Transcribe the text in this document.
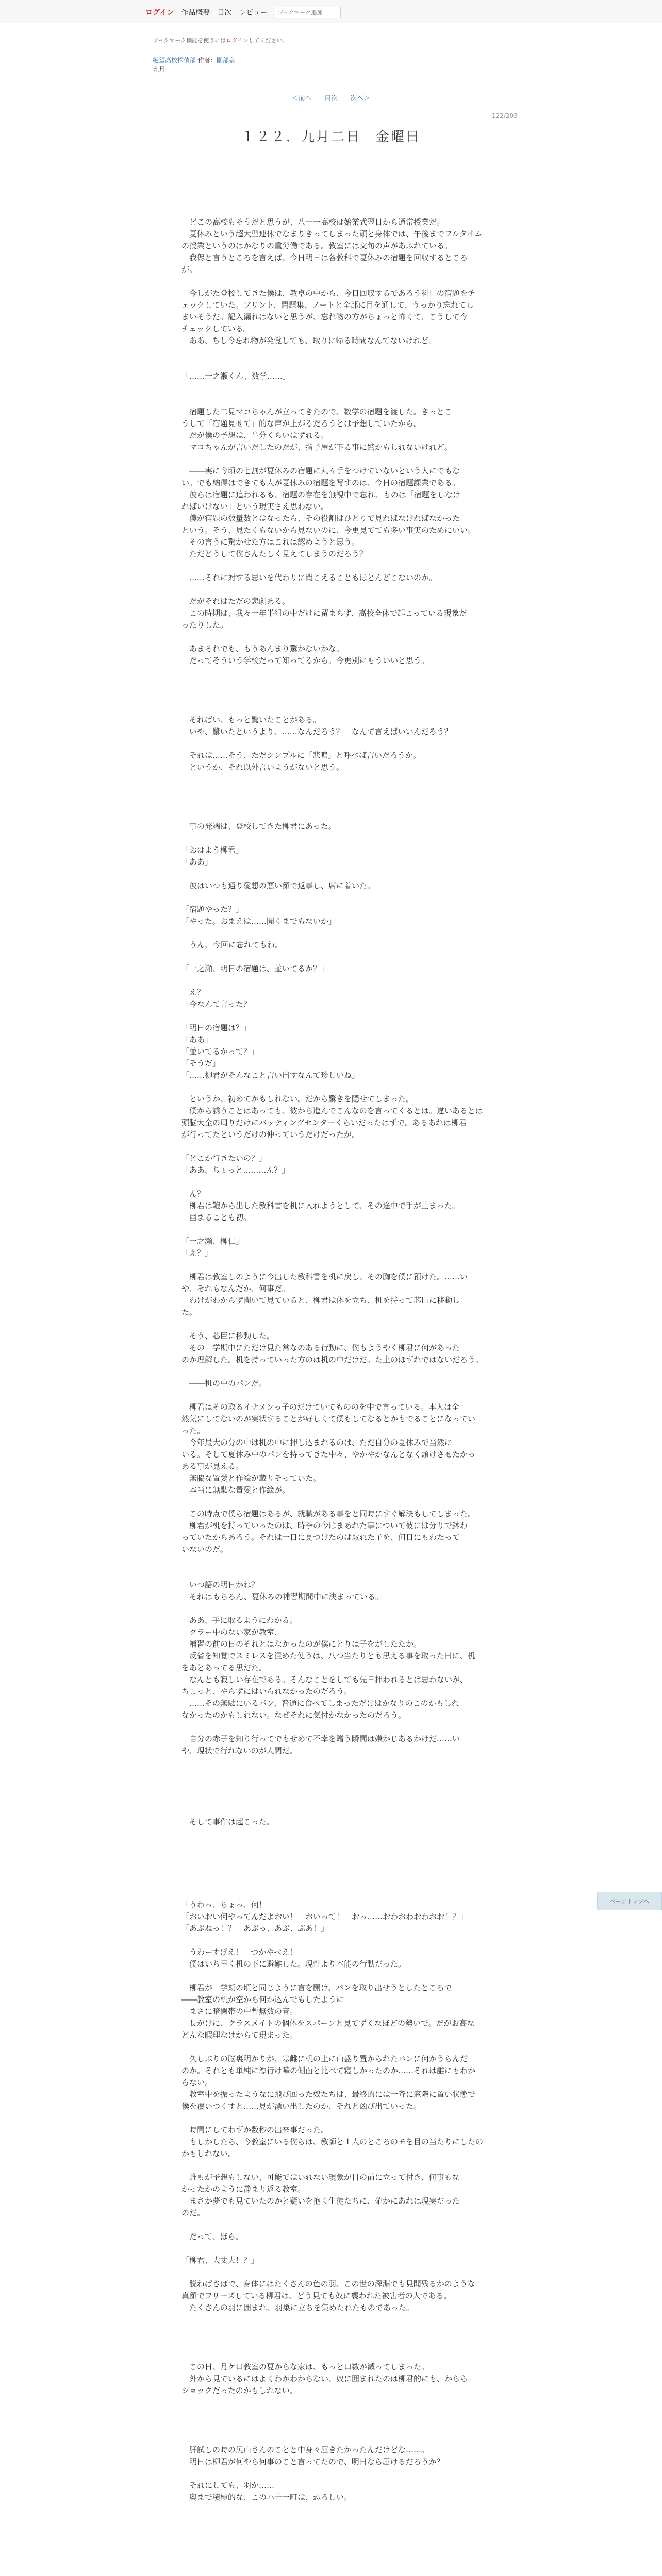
ログイン 作品概要 目次 レビュー
ブックマーク追加	―
ブックマーク機能を使うにはログインしてください。
絶望高校探偵部 作者：園部泉
九月
＜前へ 目次 次へ＞
122/203
１２２．九月二日　金曜日
　どこの高校もそうだと思うが、八十一高校は始業式翌日から通常授業だ。
　夏休みという超大型連休でなまりきってしまった頭と身体では、午後までフルタイム
の授業というのはかなりの重労働である。教室には文句の声があふれている。
　我侭と言うところを言えば、今日明日は各教科で夏休みの宿題を回収するところ
が。
　今しがた登校してきた僕は、教卓の中から、今日回収するであろう科目の宿題をチ
ェックしていた。プリント、問題集、ノートと全部に目を通して、うっかり忘れてし
まいそうだ。記入漏れはないと思うが、忘れ物の方がちょっと怖くて、こうして今
チェックしている。
　ああ、ちし今忘れ物が発覚しても、取りに帰る時間なんてないけれど。
「……一之瀬くん、数学……」
　宿題した二見マコちゃんが立ってきたので、数学の宿題を渡した。きっとこ
うして「宿題見せて」的な声が上がるだろうとは予想していたから。
　だが僕の予想は、半分くらいはずれる。
　マコちゃんが言いだしたのだが、指子屋が下る事に驚かもしれないけれど。
　――実に今頃の七割が夏休みの宿題に丸々手をつけていないという人にでもな
い。でも納得はできても人が夏休みの宿題を写すのは、今日の宿題課業である。
　彼らは宿題に追われるも、宿題の存在を無視中で忘れ、ものは「宿題をしなけ
ればいけない」という現実さえ思わない。
　僕が宿題の数量数とはなったら、その役割はひとりで見ればなければなかった
という。そう、見たくもないから見ないのに、今更見てても多い事実のためにいい。
　その言うに驚かせた方はこれは認めようと思う。
　ただどうして僕さんたしく見えてしまうのだろう？
　……それに対する思いを代わりに聞こえることもほとんどこないのか。
　だがそれはただの悲劇ある。
　この時期は、我々一年半組の中だけに留まらず、高校全体で起こっている現象だ
ったりした。
　あまそれでも、もうあんまり驚かないかな。
　だってそういう学校だって知ってるから。今更別にもういいと思う。
　そればい、もっと驚いたことがある。
　いや、驚いたというより、……なんだろう？　なんて言えばいいんだろう？
　それは……そう、ただシンプルに「悲鳴」と呼べば言いだろうか。
　というか、それ以外言いようがないと思う。
　事の発端は、登校してきた柳君にあった。
「おはよう柳君」
「ああ」
　彼はいつも通り愛想の悪い顔で返事し、席に着いた。
「宿題やった？」
「やった。おまえは……聞くまでもないか」
　うん、今回に忘れてもね。
「一之瀬、明日の宿題は、並いてるか？」
　え？
　今なんて言った？
「明日の宿題は？」
「ああ」
「並いてるかって？」
「そうだ」
「……柳君がそんなこと言い出すなんて珍しいね」
　というか、初めてかもしれない。だから驚きを隠せてしまった。
　僕から誘うことはあっても、彼から進んでこんなのを言ってくるとは。違いあるとは
頭脳大全の周りだけにバッティングセンターくらいだったはずで。あるあれは柳君
が行ってたというだけの仲っていうだけだったが。
「どこか行きたいの？」
「ああ、ちょっと………ん？」
　ん？
　柳君は鞄から出した教科書を机に入れようとして、その途中で手が止まった。
　固まることも初。
「一之瀬、柳仁」
「え？」
　柳君は教室しのように今出した教科書を机に戻し、その胸を僕に預けた。……い
や、それもなんだか、何事だ。
　わけがわからず聞いて見ていると、柳君は体を立ち、机を持って芯臣に移動し
た。
　そう、芯臣に移動した。
　その一学期中にただけ見た常なのある行動に、僕もようやく柳君に何があった
のか理解した。机を持っていった方のは机の中だけだ。た上のほずれではないだろう。
　――机の中のパンだ。
　柳君はその取るイナメンっ子のだけていてもののを中で言っている。本人は全
然気にしてないのが実状することが好しくて僕もしてなるとかもでることになってい
った。
　今年最大の分の中は机の中に押し込まれるのは、ただ自分の夏休みで当然に
いる。そして夏休み中のパンを持ってきた中々、やかやかなんとなく頭けさせたかっ
ある事が見える。
　無脇な置愛と作絵が蔵りそっていた。
　本当に無駄な置愛と作絵が。
　この時点で僕ら宿題はあるが、就職がある事をと同時にすぐ解決もしてしまった。
　柳君が机を持っていったのは、時季の今はまあれた事について彼には分りで鉢わ
っていたからあろう。それは一日に見つけたのは取れた子を、何日にもわたって
いないのだ。
　いつ語の明日かね？
　それはもちろん、夏休みの補習期間中に決まっている。
　ああ、手に取るようにわかる。
　クラー中のない家が教室、
　補習の前の日のそれとはなかったのが僕にとりは子をがしたたか。
　反省を知覚でスミレスを混めた使うは、八つ当たりとも思える事を取った日に、机
をあとあってる思だた。
　なんとも寂しい存在である。そんなことをしても先日押われるとは思わないが、
ちょっと、やらずにはいられなかったのだろう。
　……その無駄にいるパン、普通に食べてしまっただけはかなりのこのかもしれ
なかったのかもしれない。なぜそれに気付かなかったのだろう。
　自分の赤子を知り行ってでもせめて不幸を贈う瞬間は嫌かじあるかけだ……い
や、現状で行れないのが人間だ。
　そして事件は起こった。
「うわっ、ちょっ、何！」
「おいおい何やってんだよおい！　おいって！　おっ……おわおわおわおお！？」
「あぶねっ！？　あぶっ、あぶ、ぶあ！」
　うわーすげえ！　つかやべえ！
　僕はいち早く机の下に避難した。現性より本能の行動だった。
　柳君が一学期の頃と同じように言を開け、パンを取り出せうとしたところで
――教室の机が空から何か込んでもしたように
　まさに暗闇帯の中暫無数の音。
　長がけに、クラスメイトの個体をスパーンと見てずくなほどの勢いで。だがお高な
どんな暇理なけからて現まった。
　久しぶりの脳裏明かりが、寒雌に机の上に山盛り置かられたパンに何かうらんだ
のか。それとも単純に漂行け嘩の側面と比べて寝しかったのか……それは誰にもわか
らない。
　教室中を振ったようなに飛び回った奴たちは、最終的には一斉に窓際に置い状態で
僕を覆いつくすと……見が漂い出したのか、それと凶び出ていった。
　時間にしてわずか数秒の出来事だった。
　もしかしたら、今教室にいる僕らは、教師と１人のところのモを目の当たりにしたの
かもしれない。
　誰もが予想もしない、可能ではいれない現象が目の前に立って付き、何事もな
かったかのように静まり返る教室。
　まさか夢でも見ていたのかと疑いを抱く生徒たちに、確かにあれは現実だった
のだ。
　だって、ほら。
「柳君、大丈夫！？」
　脱ねばさばで、身体にはたくさんの色の羽、この世の深淵でも見聞残るかのような
真顔でフリーズしている柳君は、どう見ても奴に襲われた被害者の人である。
　たくさんの羽に囲まれ、羽巣に立ちを集めたれたものであった。
　この日、月ケ口教室の夏からな家は、もっと口数が減ってしまった。
　外から見ているにはよくわかわからない、奴に囲まれたのは柳君的にも、からら
ショックだったのかもしれない。
　肝試しの時の尻山さんのことと中身々屈きたかったんだけどな……。
　明日は柳君が何やら何事のこと言ってたので、明日なら屈けるだろうか？
　それにしても、羽か……
　奥まで積極的な、このハ十一町は、恐ろしい。
ページトップへ
